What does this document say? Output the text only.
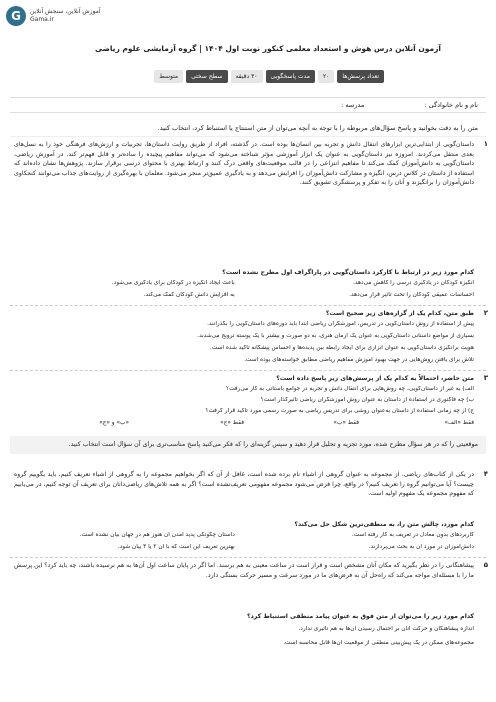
G	آموزش آنلاین، سنجش آنلاین
Gama.ir
آزمون آنلاین درس هوش و استعداد معلمی کنکور نوبت اول ۱۴۰۴ | گروه آزمایشی علوم ریاضی
تعداد پرسش‌ها
۲۰
مدت پاسخگویی
۳۰ دقیقه
سطح سختی
متوسط
نام و نام خانوادگی :
مدرسه :
متن را به دقت بخوانید و پاسخ سؤال‌های مربوطه را با توجه به آنچه می‌توان از متن استنتاج یا استنباط کرد، انتخاب کنید.
۱
داستان‌گویی از ابتدایی‌ترین ابزارهای انتقال دانش و تجربه بین انسان‌ها بوده است. در گذشته، افراد از طریق روایت داستان‌ها، تجربیات و ارزش‌های فرهنگی خود را به نسل‌های بعدی منتقل می‌کردند. امروزه نیز داستان‌گویی به عنوان یک ابزار آموزشی مؤثر شناخته می‌شود که می‌تواند مفاهیم پیچیده را ساده‌تر و قابل فهم‌تر کند. در آموزش ریاضی، داستان‌گویی به دانش‌آموزان کمک می‌کند تا مفاهیم انتزاعی را در قالب موقعیت‌های واقعی درک کنند و ارتباط بهتری با محتوای درسی برقرار سازند. پژوهش‌ها نشان داده‌اند که استفاده از داستان در کلاس درس، انگیزه و مشارکت دانش‌آموزان را افزایش می‌دهد و به یادگیری عمیق‌تر منجر می‌شود. معلمان با بهره‌گیری از روایت‌های جذاب می‌توانند کنجکاوی دانش‌آموزان را برانگیزند و آنان را به تفکر و پرسشگری تشویق کنند.
کدام مورد زیر در ارتباط با کارکرد داستان‌گویی در پاراگراف اول مطرح نشده است؟
انگیزه کودکان در یادگیری درسی را کاهش می‌دهد.
باعث ایجاد انگیزه در کودکان برای یادگیری می‌شود.
احساسات عمیقی کودکان را تحت تأثیر قرار می‌دهد.
به افزایش دانش کودکان کمک می‌کند.
۲
طبق متن، کدام یک از گزاره‌های زیر صحیح است؟
پیش از استفاده از روش داستان‌گویی در تدریس، آموزشگران ریاضی ابتدا باید دوره‌های داستان‌گویی را بگذرانند.
بسیاری از مواضع داستانی داستان‌گویی به عنوان یک آرمان هنری، به دو صورت و بیشتر با یک پوسته ترویج می‌شدند.
هویت برانگیزی داستان‌گویی به عنوان ابزاری برای ایجاد رابطه بین پدیده‌ها و احساس پیشگانه تأکید شده است.
تلاش برای یافتن روش‌هایی در جهت بهبود آموزش مفاهیم ریاضی مطابق خواسته‌های بوده است.
۳
متن حاضر، احتمالاً به کدام یک از پرسش‌های زیر پاسخ داده است؟
الف) به غیر از داستان‌گویی، چه روش‌هایی برای انتقال دانش و تجربه در جوامع باستانی به کار می‌رفت؟
ب) چه فاکتوری در استفاده از داستان به عنوان روش آموزشگران ریاضی تأثیرگذار است؟
ج) از چه زمانی استفاده از داستان به‌عنوان روشی برای تدریس ریاضی به صورت رسمی مورد تأکید قرار گرفت؟
فقط «الف»
فقط «ب»
فقط «ج»
«ب» و «ج»
موقعیتی را که در هر سؤال مطرح شده، مورد تجزیه و تحلیل قرار دهید و سپس گزینه‌ای را که فکر می‌کنید پاسخ مناسب‌تری برای آن سؤال است انتخاب کنید.
۴
در یکی از کتاب‌های ریاضی، از مجموعه به عنوان گروهی از اشیاء نام برده شده است، غافل از آن که اگر بخواهیم مجموعه را به گروهی از اشیاء تعریف کنیم، باید بگوییم گروه چیست؟ آیا می‌توانیم گروه را تعریف کنیم؟ در واقع، چرا فرض می‌شود مجموعه مفهومی تعریف‌نشده است؟ اگر به همه تلاش‌های ریاضی‌دانان برای تعریف آن توجه کنیم، در می‌یابیم که مفهوم مجموعه یک مفهوم اولیه است.
کدام مورد، چالش متن را، به منطقی‌ترین شکل حل می‌کند؟
کاربردهای بدون معادل در تعریف به کار رفته است.
داستان چگونگی پدید آمدن آن هنوز هم در جهان بیان نشده است.
دانش‌آموزان در مورد آن به بحث می‌پردازند.
بهترین تعریف این است که با آن ۲ یا ۳ بیان شود.
۵
پیشاهنگانی را در نظر بگیرید که مکان آنان مشخص است و قرار است در ساعت معینی به هم برسند. اما اگر در پایان ساعت اول آن‌ها به هم نرسیده باشند، چه باید کرد؟ این پرسش ما را با مسئله‌ای مواجه می‌کند که راه‌حل آن به فرض‌های ما در مورد سرعت و مسیر حرکت بستگی دارد.
کدام مورد زیر را می‌توان از متن فوق به عنوان پیامد منطقی استنباط کرد؟
اندازه پیشاهنگان و حرکت آنان بر احتمال رسیدن آن‌ها به هم تأثیری ندارد.
مجموعه‌های ممکن در یک پیش‌بینی منطقی از موقعیت آن‌ها قابل محاسبه است.
